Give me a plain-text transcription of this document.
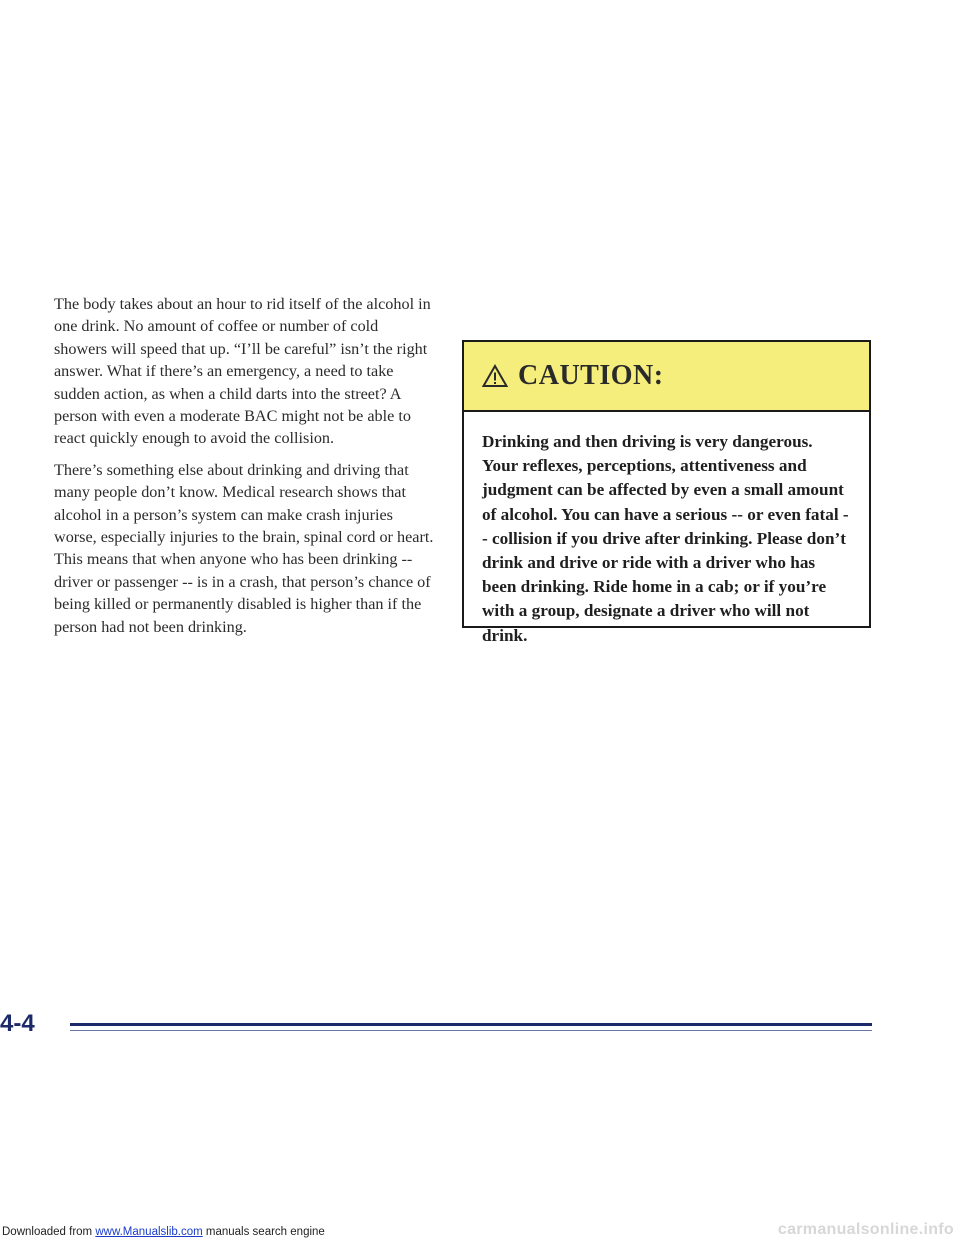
The body takes about an hour to rid itself of the alcohol in one drink. No amount of coffee or number of cold showers will speed that up. “I’ll be careful” isn’t the right answer. What if there’s an emergency, a need to take sudden action, as when a child darts into the street? A person with even a moderate BAC might not be able to react quickly enough to avoid the collision.

There’s something else about drinking and driving that many people don’t know. Medical research shows that alcohol in a person’s system can make crash injuries worse, especially injuries to the brain, spinal cord or heart. This means that when anyone who has been drinking -- driver or passenger -- is in a crash, that person’s chance of being killed or permanently disabled is higher than if the person had not been drinking.

CAUTION:
Drinking and then driving is very dangerous. Your reflexes, perceptions, attentiveness and judgment can be affected by even a small amount of alcohol. You can have a serious -- or even fatal -- collision if you drive after drinking. Please don’t drink and drive or ride with a driver who has been drinking. Ride home in a cab; or if you’re with a group, designate a driver who will not drink.
4-4
Downloaded from www.Manualslib.com manuals search engine	carmanualsonline.info
